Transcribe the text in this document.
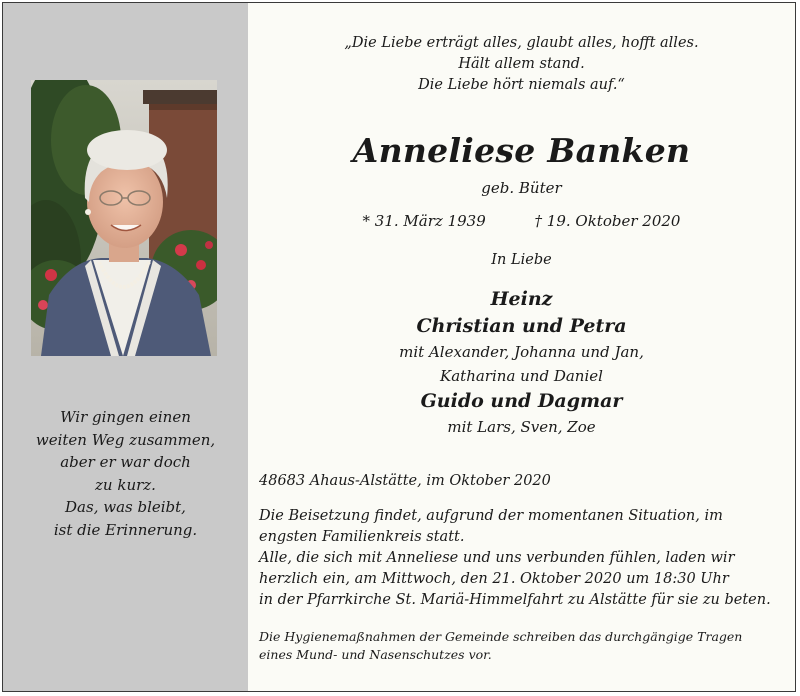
Wir gingen einen
weiten Weg zusammen,
aber er war doch
zu kurz.
Das, was bleibt,
ist die Erinnerung.
„Die Liebe erträgt alles, glaubt alles, hofft alles.
Hält allem stand.
Die Liebe hört niemals auf.“
Anneliese Banken
geb. Büter
* 31. März 1939	† 19. Oktober 2020
In Liebe
Heinz
Christian und Petra
mit Alexander, Johanna und Jan,
Katharina und Daniel
Guido und Dagmar
mit Lars, Sven, Zoe
48683 Ahaus-Alstätte, im Oktober 2020
Die Beisetzung findet, aufgrund der momentanen Situation, im
engsten Familienkreis statt.
Alle, die sich mit Anneliese und uns verbunden fühlen, laden wir
herzlich ein, am Mittwoch, den 21. Oktober 2020 um 18:30 Uhr
in der Pfarrkirche St. Mariä-Himmelfahrt zu Alstätte für sie zu beten.
Die Hygienemaßnahmen der Gemeinde schreiben das durchgängige Tragen
eines Mund- und Nasenschutzes vor.
